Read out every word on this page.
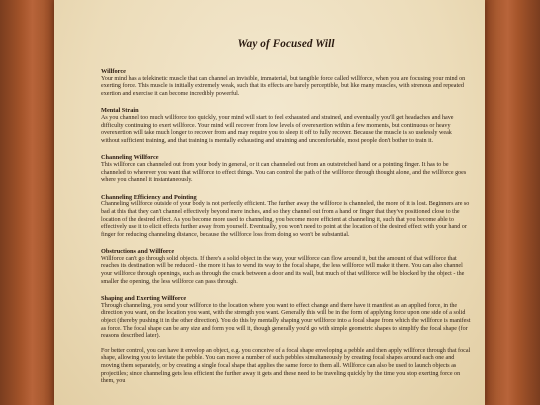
Way of Focused Will
Willforce

Your mind has a telekinetic muscle that can channel an invisible, immaterial, but tangible force called willforce, when you are focusing your mind on exerting force. This muscle is initially extremely weak, such that its effects are barely perceptible, but like many muscles, with strenous and repeated exertion and exercise it can become incredibly powerful.

Mental Strain

As you channel too much willforce too quickly, your mind will start to feel exhausted and strained, and eventually you'll get headaches and have difficulty continuing to exert willforce. Your mind will recover from low levels of overexertion within a few moments, but continuous or heavy overexertion will take much longer to recover from and may require you to sleep it off to fully recover. Because the muscle is so uselessly weak without sufficient training, and that training is mentally exhausting and straining and uncomfortable, most people don't bother to train it.

Channeling Willforce

This willforce can channeled out from your body in general, or it can channeled out from an outstretched hand or a pointing finger. It has to be channeled to wherever you want that willforce to effect things. You can control the path of the willforce through thought alone, and the willforce goes where you channel it instantaneously.

Channeling Efficiency and Pointing

Channeling willforce outside of your body is not perfectly efficient. The further away the willforce is channeled, the more of it is lost. Beginners are so bad at this that they can't channel effectively beyond mere inches, and so they channel out from a hand or finger that they've positioned close to the location of the desired effect. As you become more used to channeling, you become more efficient at channeling it, such that you become able to effectively use it to elicit effects further away from yourself. Eventually, you won't need to point at the location of the desired effect with your hand or finger for reducing channeling distance, because the willforce loss from doing so won't be substantial.

Obstructions and Willforce

Willforce can't go through solid objects. If there's a solid object in the way, your willforce can flow around it, but the amount of that willforce that reaches its destination will be reduced - the more it has to wend its way to the focal shape, the less willforce will make it there. You can also channel your willforce through openings, such as through the crack between a door and its wall, but much of that willforce will be blocked by the object - the smaller the opening, the less willforce can pass through.

Shaping and Exerting Willforce

Through channeling, you send your willforce to the location where you want to effect change and there have it manifest as an applied force, in the direction you want, on the location you want, with the strength you want. Generally this will be in the form of applying force upon one side of a solid object (thereby pushing it in the other direction). You do this by mentally shaping your willforce into a focal shape from which the willforce is manifest as force. The focal shape can be any size and form you will it, though generally you'd go with simple geometric shapes to simplify the focal shape (for reasons described later).

For better control, you can have it envelop an object, e.g. you conceive of a focal shape enveloping a pebble and then apply willforce through that focal shape, allowing you to levitate the pebble. You can move a number of such pebbles simultaneously by creating focal shapes around each one and moving them separately, or by creating a single focal shape that applies the same force to them all. Willforce can also be used to launch objects as projectiles; since channeling gets less efficient the further away it gets and these need to be traveling quickly by the time you stop exerting force on them, you
